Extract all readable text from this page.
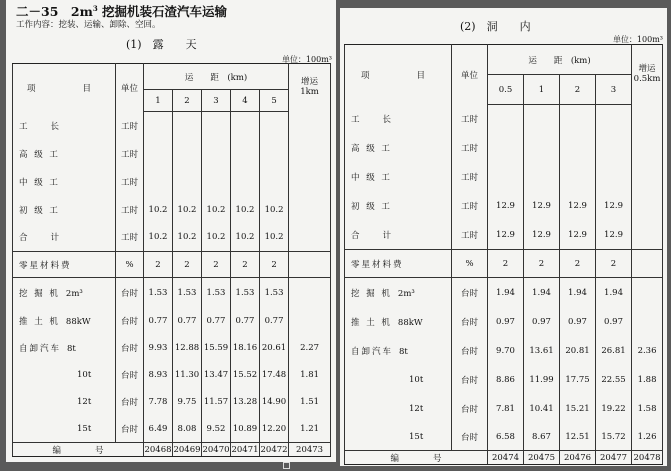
二－35　$2m^3$ 挖掘机装石渣汽车运输
工作内容：挖装、运输、卸除、空回。
(1)　露　　天
单位：100m³
项　　目	单位	运　　距　(km)					增运
1km
		1	2	3	4	5	
工　　长	工时						
高 级 工	工时						
中 级 工	工时						
初 级 工	工时	10.2	10.2	10.2	10.2	10.2	
合　　计	工时	10.2	10.2	10.2	10.2	10.2	
零星材料费	%	2	2	2	2	2	
挖 掘 机 2m³	台时	1.53	1.53	1.53	1.53	1.53	
推 土 机 88kW	台时	0.77	0.77	0.77	0.77	0.77	
自卸汽车 8t	台时	9.93	12.88	15.59	18.16	20.61	2.27
10t	台时	8.93	11.30	13.47	15.52	17.48	1.81
12t	台时	7.78	9.75	11.57	13.28	14.90	1.51
15t	台时	6.49	8.08	9.52	10.89	12.20	1.21
编　　　　号		20468	20469	20470	20471	20472	20473
(2)　洞　　内
单位：100m³
项　　目	单位	运　　距　(km)				增运
0.5km
		0.5	1	2	3	
工　　长	工时					
高 级 工	工时					
中 级 工	工时					
初 级 工	工时	12.9	12.9	12.9	12.9	
合　　计	工时	12.9	12.9	12.9	12.9	
零星材料费	%	2	2	2	2	
挖 掘 机 2m³	台时	1.94	1.94	1.94	1.94	
推 土 机 88kW	台时	0.97	0.97	0.97	0.97	
自卸汽车 8t	台时	9.70	13.61	20.81	26.81	2.36
10t	台时	8.86	11.99	17.75	22.55	1.88
12t	台时	7.81	10.41	15.21	19.22	1.58
15t	台时	6.58	8.67	12.51	15.72	1.26
编　　　　号		20474	20475	20476	20477	20478
